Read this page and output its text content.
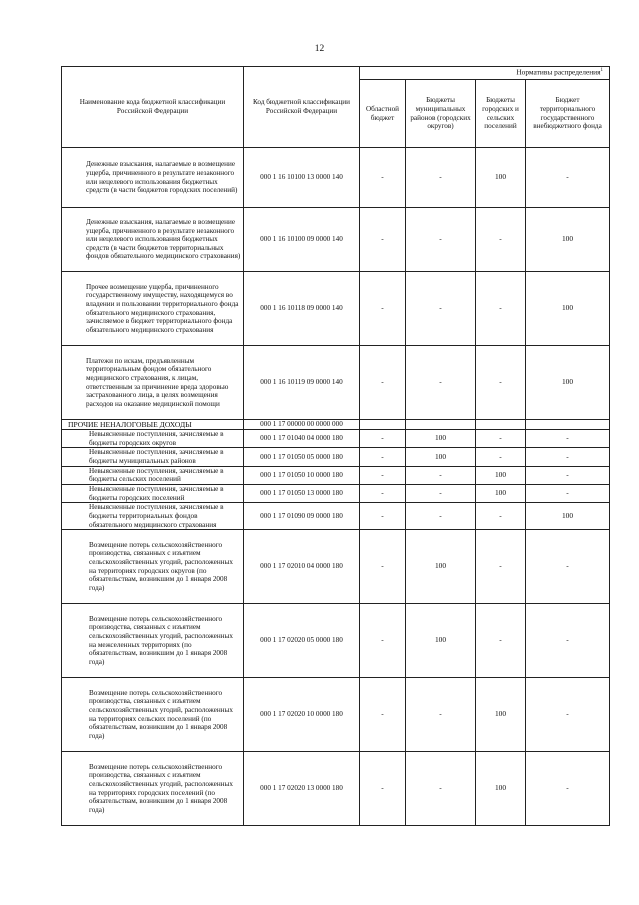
12
Наименование кода бюджетной классификации Российской Федерации	Код бюджетной классификации Российской Федерации	Нормативы распределения$^1$
		Областной бюджет	Бюджеты муниципальных районов (городских округов)	Бюджеты городских и сельских поселений	Бюджет территориального государственного внебюджетного фонда
Денежные взыскания, налагаемые в возмещение ущерба, причиненного в результате незаконного или нецелевого использования бюджетных средств (в части бюджетов городских поселений)	000 1 16 10100 13 0000 140	-	-	100	-
Денежные взыскания, налагаемые в возмещение ущерба, причиненного в результате незаконного или нецелевого использования бюджетных средств (в части бюджетов территориальных фондов обязательного медицинского страхования)	000 1 16 10100 09 0000 140	-	-	-	100
Прочее возмещение ущерба, причиненного государственному имуществу, находящемуся во владении и пользовании территориального фонда обязательного медицинского страхования, зачисляемое в бюджет территориального фонда обязательного медицинского страхования	000 1 16 10118 09 0000 140	-	-	-	100
Платежи по искам, предъявленным территориальным фондом обязательного медицинского страхования, к лицам, ответственным за причинение вреда здоровью застрахованного лица, в целях возмещения расходов на оказание медицинской помощи	000 1 16 10119 09 0000 140	-	-	-	100
ПРОЧИЕ НЕНАЛОГОВЫЕ ДОХОДЫ	000 1 17 00000 00 0000 000				
Невыясненные поступления, зачисляемые в бюджеты городских округов	000 1 17 01040 04 0000 180	-	100	-	-
Невыясненные поступления, зачисляемые в бюджеты муниципальных районов	000 1 17 01050 05 0000 180	-	100	-	-
Невыясненные поступления, зачисляемые в бюджеты сельских поселений	000 1 17 01050 10 0000 180	-	-	100	-
Невыясненные поступления, зачисляемые в бюджеты городских поселений	000 1 17 01050 13 0000 180	-	-	100	-
Невыясненные поступления, зачисляемые в бюджеты территориальных фондов обязательного медицинского страхования	000 1 17 01090 09 0000 180	-	-	-	100
Возмещение потерь сельскохозяйственного производства, связанных с изъятием сельскохозяйственных угодий, расположенных на территориях городских округов (по обязательствам, возникшим до 1 января 2008 года)	000 1 17 02010 04 0000 180	-	100	-	-
Возмещение потерь сельскохозяйственного производства, связанных с изъятием сельскохозяйственных угодий, расположенных на межселенных территориях (по обязательствам, возникшим до 1 января 2008 года)	000 1 17 02020 05 0000 180	-	100	-	-
Возмещение потерь сельскохозяйственного производства, связанных с изъятием сельскохозяйственных угодий, расположенных на территориях сельских поселений (по обязательствам, возникшим до 1 января 2008 года)	000 1 17 02020 10 0000 180	-	-	100	-
Возмещение потерь сельскохозяйственного производства, связанных с изъятием сельскохозяйственных угодий, расположенных на территориях городских поселений (по обязательствам, возникшим до 1 января 2008 года)	000 1 17 02020 13 0000 180	-	-	100	-
